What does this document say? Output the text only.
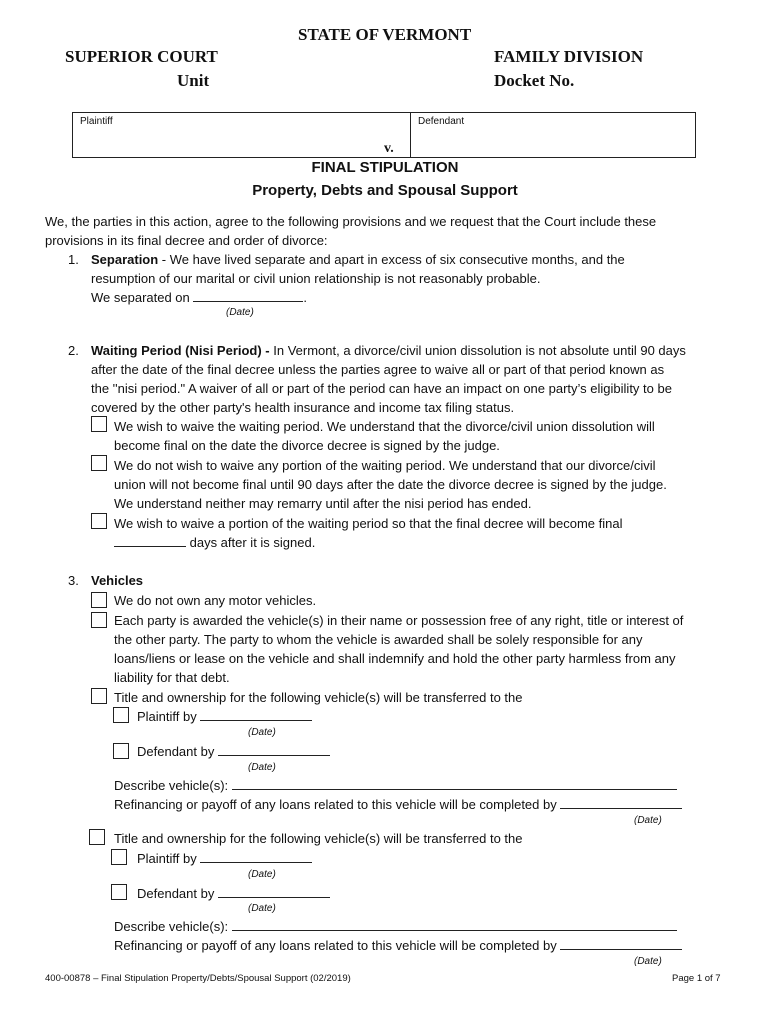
STATE OF VERMONT
SUPERIOR COURT
Unit
FAMILY DIVISION
Docket No.
Plaintiff	Defendant
v.
FINAL STIPULATION
Property, Debts and Spousal Support
We, the parties in this action, agree to the following provisions and we request that the Court include these
provisions in its final decree and order of divorce:
1. Separation - We have lived separate and apart in excess of six consecutive months, and the
resumption of our marital or civil union relationship is not reasonably probable.
We separated on	.
(Date)
2. Waiting Period (Nisi Period) - In Vermont, a divorce/civil union dissolution is not absolute until 90 days
after the date of the final decree unless the parties agree to waive all or part of that period known as
the ''nisi period." A waiver of all or part of the period can have an impact on one party’s eligibility to be
covered by the other party's health insurance and income tax filing status.
We wish to waive the waiting period. We understand that the divorce/civil union dissolution will
become final on the date the divorce decree is signed by the judge.
We do not wish to waive any portion of the waiting period. We understand that our divorce/civil
union will not become final until 90 days after the date the divorce decree is signed by the judge.
We understand neither may remarry until after the nisi period has ended.
We wish to waive a portion of the waiting period so that the final decree will become final
days after it is signed.
3. Vehicles
We do not own any motor vehicles.
Each party is awarded the vehicle(s) in their name or possession free of any right, title or interest of
the other party. The party to whom the vehicle is awarded shall be solely responsible for any
loans/liens or lease on the vehicle and shall indemnify and hold the other party harmless from any
liability for that debt.
Title and ownership for the following vehicle(s) will be transferred to the
Plaintiff by
(Date)
Defendant by
(Date)
Describe vehicle(s):
Refinancing or payoff of any loans related to this vehicle will be completed by
(Date)
Title and ownership for the following vehicle(s) will be transferred to the
Plaintiff by
(Date)
Defendant by
(Date)
Describe vehicle(s):
Refinancing or payoff of any loans related to this vehicle will be completed by
(Date)
400-00878 – Final Stipulation Property/Debts/Spousal Support (02/2019)	Page 1 of 7
